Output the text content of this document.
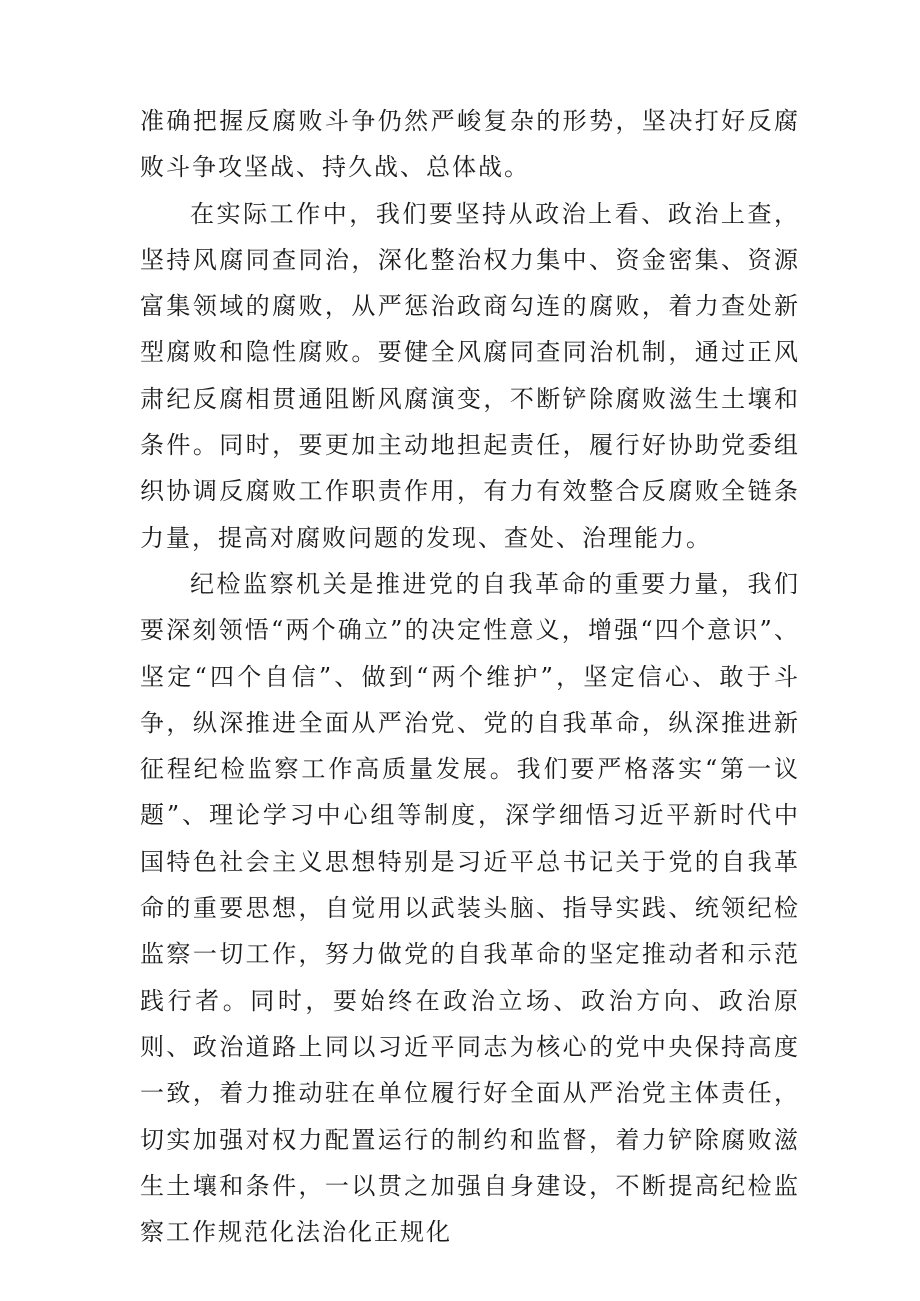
准确把握反腐败斗争仍然严峻复杂的形势，坚决打好反腐败斗争攻坚战、持久战、总体战。

在实际工作中，我们要坚持从政治上看、政治上查，坚持风腐同查同治，深化整治权力集中、资金密集、资源富集领域的腐败，从严惩治政商勾连的腐败，着力查处新型腐败和隐性腐败。要健全风腐同查同治机制，通过正风肃纪反腐相贯通阻断风腐演变，不断铲除腐败滋生土壤和条件。同时，要更加主动地担起责任，履行好协助党委组织协调反腐败工作职责作用，有力有效整合反腐败全链条力量，提高对腐败问题的发现、查处、治理能力。

纪检监察机关是推进党的自我革命的重要力量，我们要深刻领悟“两个确立”的决定性意义，增强“四个意识”、坚定“四个自信”、做到“两个维护”，坚定信心、敢于斗争，纵深推进全面从严治党、党的自我革命，纵深推进新征程纪检监察工作高质量发展。我们要严格落实“第一议题”、理论学习中心组等制度，深学细悟习近平新时代中国特色社会主义思想特别是习近平总书记关于党的自我革命的重要思想，自觉用以武装头脑、指导实践、统领纪检监察一切工作，努力做党的自我革命的坚定推动者和示范践行者。同时，要始终在政治立场、政治方向、政治原则、政治道路上同以习近平同志为核心的党中央保持高度一致，着力推动驻在单位履行好全面从严治党主体责任，切实加强对权力配置运行的制约和监督，着力铲除腐败滋生土壤和条件，一以贯之加强自身建设，不断提高纪检监察工作规范化法治化正规化
